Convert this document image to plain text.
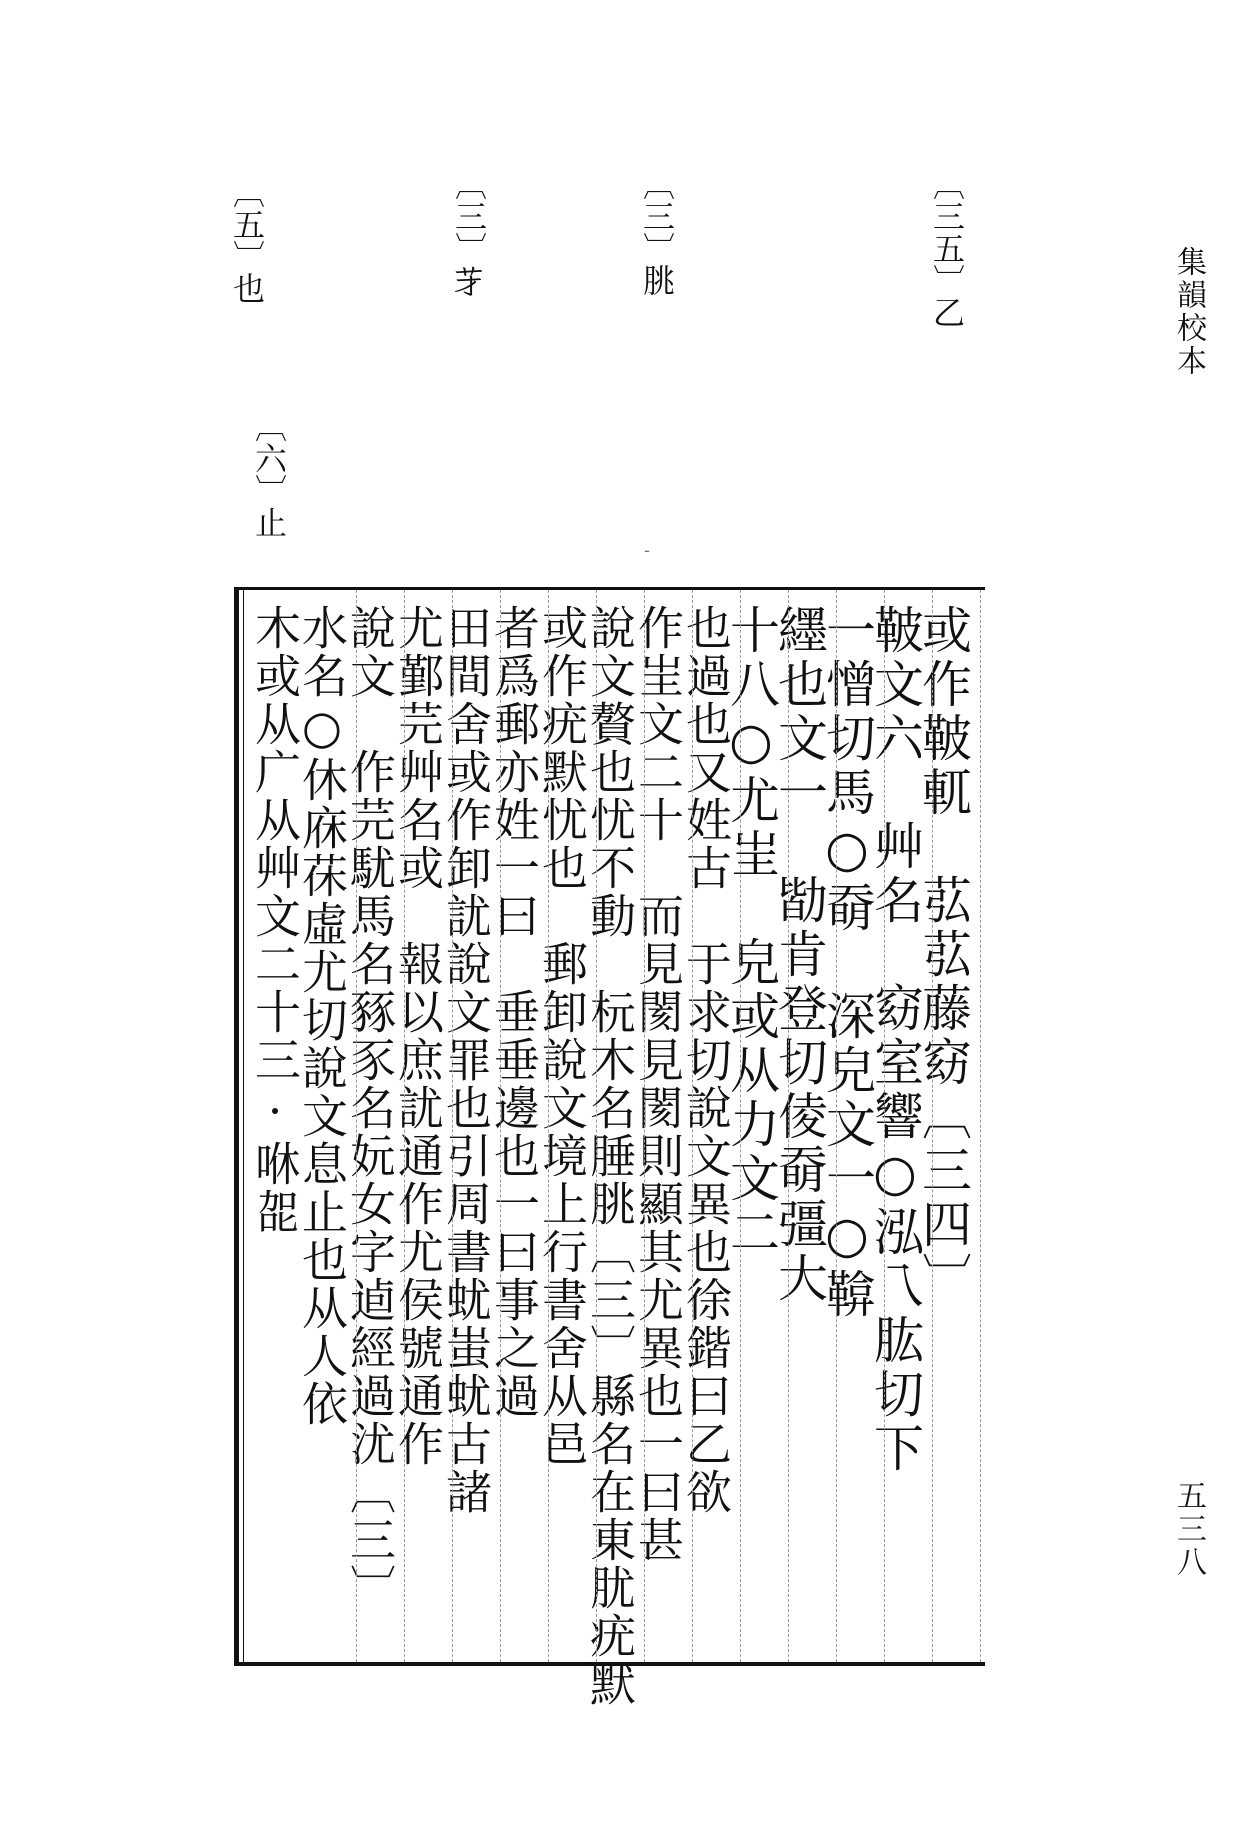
集韻校本
五三八
〔三五〕乙
〔三〕朓
〔三〕𦬁
〔五〕也
〔六〕止
-
或作鞁軏　苰苰藤窈〔三四〕
鞁文六　艸名　窈室響○泓乁肱切下
一憎切馬○奣　深皃文一○鞥
纆也文一　勓肯登切倰奣彊大
十八○尤㞷　皃或从力文二
也過也又姓古　于求切說文異也徐鍇曰乙欲
作㞷文二十　而見閡見閡則顯其尤異也一曰甚
說文贅也忧不動　杬木名腄朓〔三〕縣名在東肬疣默
或作疣默忧也　郵卸說文境上行書舍从邑
者爲郵亦姓一曰　垂垂邊也一曰事之過
田間舍或作卸訧說文罪也引周書蚘蚩蚘古諸
尤鄞芫艸名或　報以庶訧通作尤侯號通作
說文　作芫駀馬名豩豕名妧女字逌經過沋〔三〕
水名○休庥茠虛尤切說文息止也从人依
木或从广从艸文二十三·咻㖙
